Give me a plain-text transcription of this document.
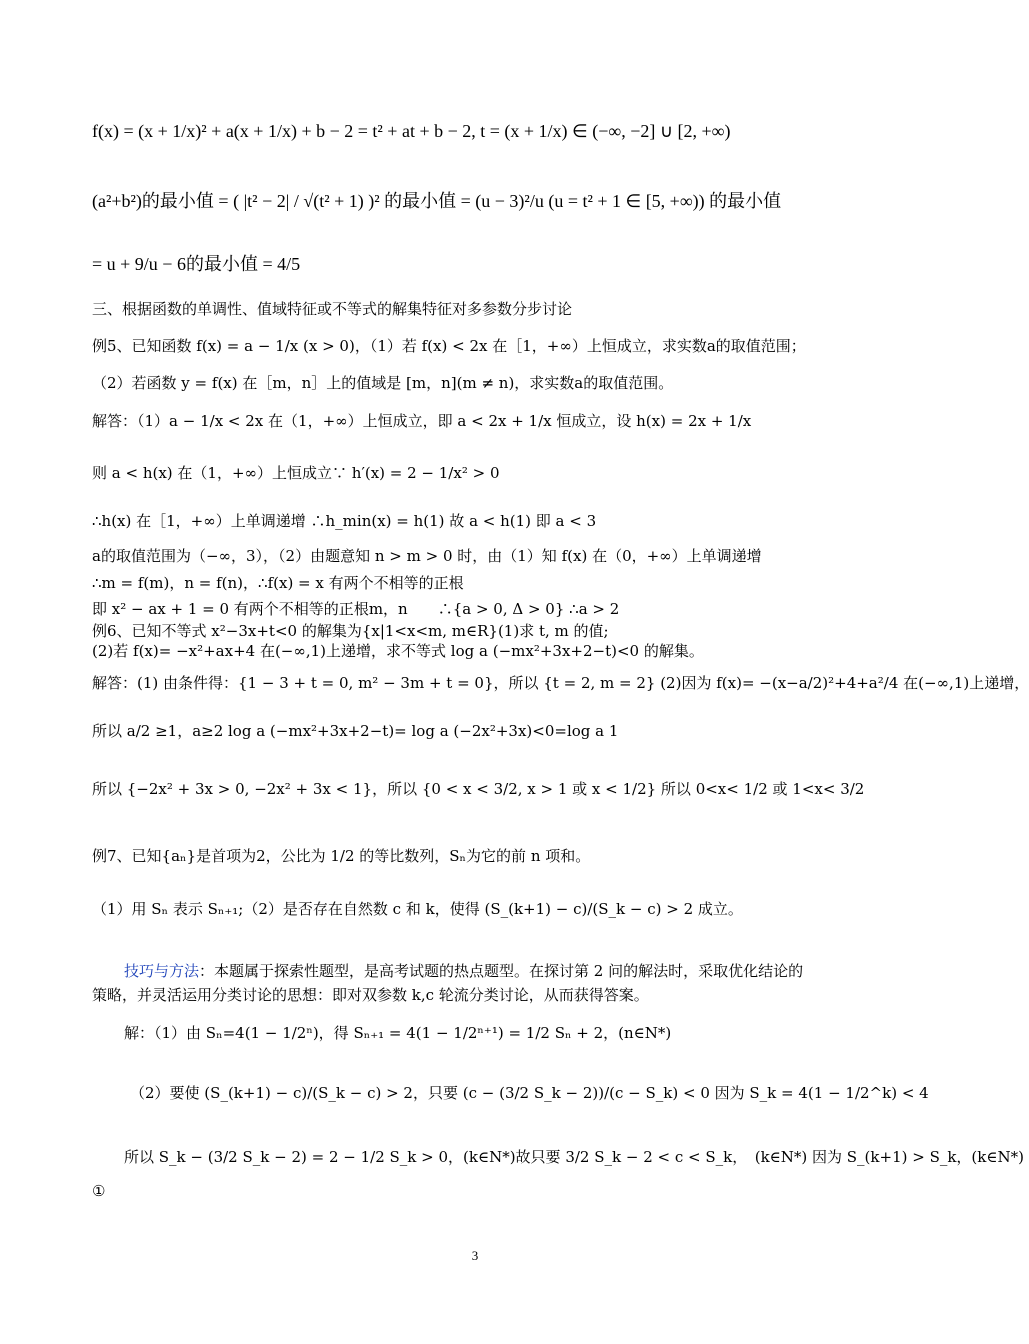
f(x) = (x + 1/x)² + a(x + 1/x) + b − 2 = t² + at + b − 2, t = (x + 1/x) ∈ (−∞, −2] ∪ [2, +∞)
(a²+b²)的最小值 = ( |t² − 2| / √(t² + 1) )² 的最小值 = (u − 3)²/u (u = t² + 1 ∈ [5, +∞)) 的最小值
= u + 9/u − 6的最小值 = 4/5
三、根据函数的单调性、值域特征或不等式的解集特征对多参数分步讨论
例5、已知函数 f(x) = a − 1/x (x > 0)，（1）若 f(x) < 2x 在［1，+∞）上恒成立，求实数a的取值范围；
（2）若函数 y = f(x) 在［m，n］上的值域是 [m，n](m ≠ n)，求实数a的取值范围。
解答：（1）a − 1/x < 2x 在（1，+∞）上恒成立，即 a < 2x + 1/x 恒成立，设 h(x) = 2x + 1/x
则 a < h(x) 在（1，+∞）上恒成立∵ h′(x) = 2 − 1/x² > 0
∴h(x) 在［1，+∞）上单调递增 ∴h_min(x) = h(1) 故 a < h(1) 即 a < 3
a的取值范围为（−∞，3），（2）由题意知 n > m > 0 时，由（1）知 f(x) 在（0，+∞）上单调递增
∴m = f(m)，n = f(n)，∴f(x) = x 有两个不相等的正根
即 x² − ax + 1 = 0 有两个不相等的正根m，n　　∴{a > 0, Δ > 0} ∴a > 2
例6、已知不等式 x²−3x+t<0 的解集为{x|1<x<m, m∈R}(1)求 t, m 的值;
(2)若 f(x)= −x²+ax+4 在(−∞,1)上递增，求不等式 log a (−mx²+3x+2−t)<0 的解集。
解答：(1) 由条件得：{1 − 3 + t = 0, m² − 3m + t = 0}，所以 {t = 2, m = 2} (2)因为 f(x)= −(x−a/2)²+4+a²/4 在(−∞,1)上递增，
所以 a/2 ≥1，a≥2 log a (−mx²+3x+2−t)= log a (−2x²+3x)<0=log a 1
所以 {−2x² + 3x > 0, −2x² + 3x < 1}，所以 {0 < x < 3/2, x > 1 或 x < 1/2} 所以 0<x< 1/2 或 1<x< 3/2
例7、已知{aₙ}是首项为2，公比为 1/2 的等比数列，Sₙ为它的前 n 项和。
（1）用 Sₙ 表示 Sₙ₊₁;（2）是否存在自然数 c 和 k，使得 (S_(k+1) − c)/(S_k − c) > 2 成立。
技巧与方法：本题属于探索性题型，是高考试题的热点题型。在探讨第 2 问的解法时，采取优化结论的
策略，并灵活运用分类讨论的思想：即对双参数 k,c 轮流分类讨论，从而获得答案。
解：（1）由 Sₙ=4(1 − 1/2ⁿ)，得 Sₙ₊₁ = 4(1 − 1/2ⁿ⁺¹) = 1/2 Sₙ + 2，(n∈N*)
（2）要使 (S_(k+1) − c)/(S_k − c) > 2，只要 (c − (3/2 S_k − 2))/(c − S_k) < 0 因为 S_k = 4(1 − 1/2^k) < 4
所以 S_k − (3/2 S_k − 2) = 2 − 1/2 S_k > 0，(k∈N*)故只要 3/2 S_k − 2 < c < S_k，　(k∈N*) 因为 S_(k+1) > S_k，(k∈N*)
①
3
